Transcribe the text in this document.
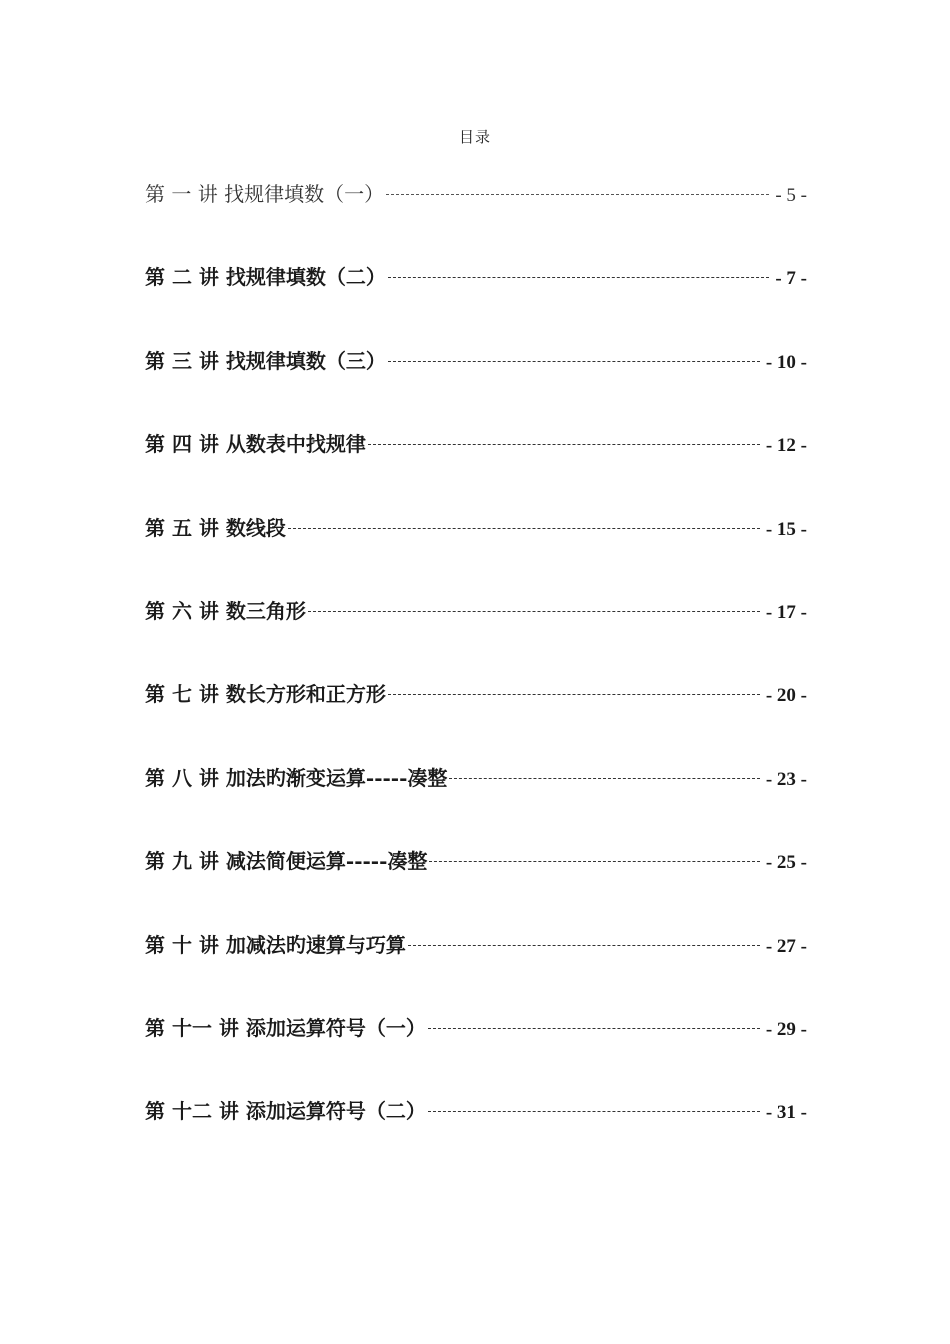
目录
第 一 讲 找规律填数（一）	- 5 -
第 二 讲 找规律填数（二）	- 7 -
第 三 讲 找规律填数（三）	- 10 -
第 四 讲 从数表中找规律	- 12 -
第 五 讲 数线段	- 15 -
第 六 讲 数三角形	- 17 -
第 七 讲 数长方形和正方形	- 20 -
第 八 讲 加法旳渐变运算-----凑整	- 23 -
第 九 讲 减法简便运算-----凑整	- 25 -
第 十 讲 加减法旳速算与巧算	- 27 -
第 十一 讲 添加运算符号（一）	- 29 -
第 十二 讲 添加运算符号（二）	- 31 -
